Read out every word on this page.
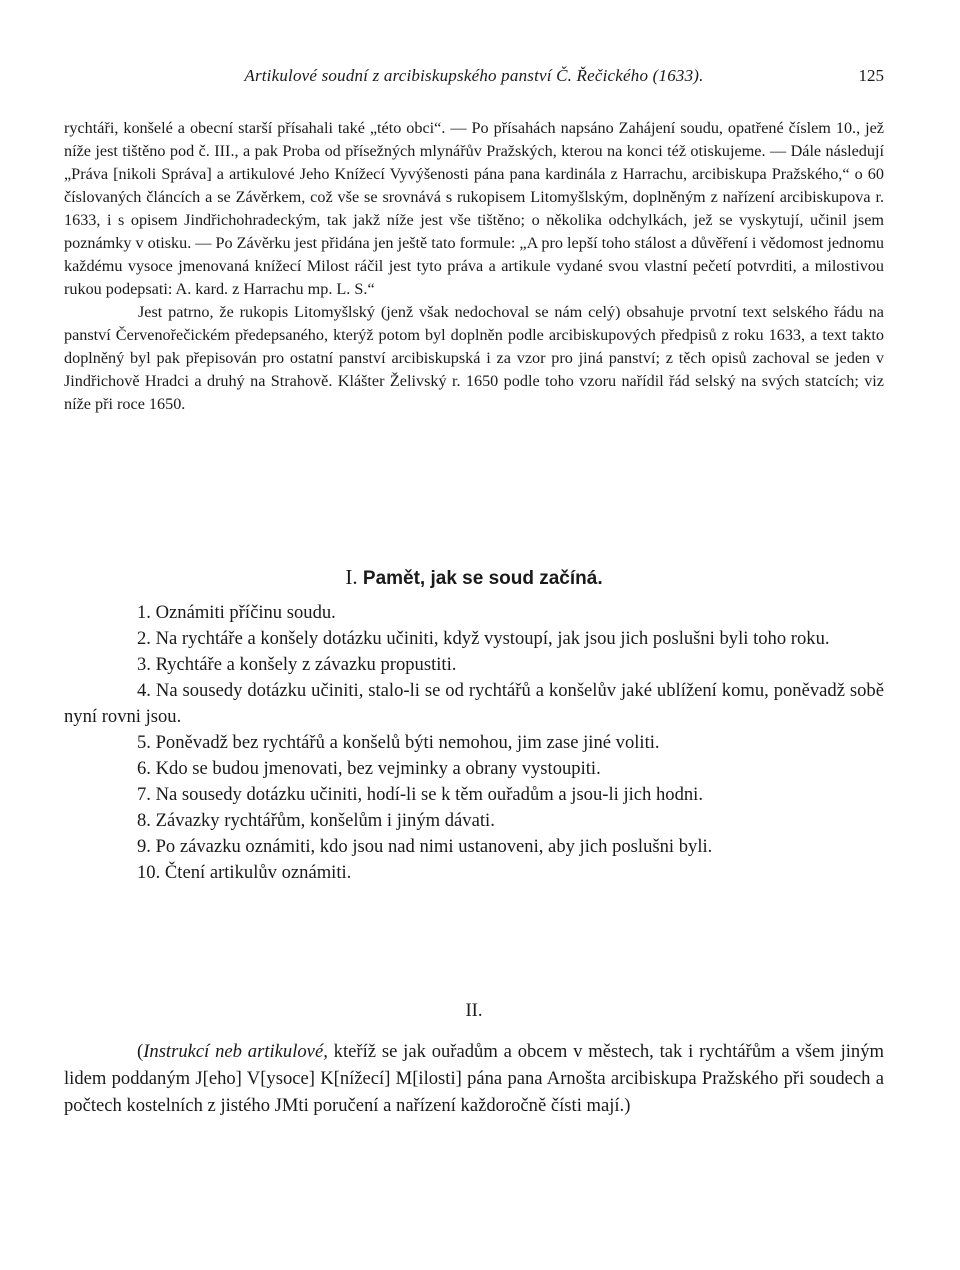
Artikulové soudní z arcibiskupského panství Č. Řečického (1633).	125

rychtáři, konšelé a obecní starší přísahali také „této obci“. — Po přísahách napsáno Zahájení soudu, opatřené číslem 10., jež níže jest tištěno pod č. III., a pak Proba od přísežných mlynářův Pražských, kterou na konci též otiskujeme. — Dále následují „Práva [nikoli Správa] a artikulové Jeho Knížecí Vyvýšenosti pána pana kardinála z Harrachu, arcibiskupa Pražského,“ o 60 číslovaných článcích a se Závěrkem, což vše se srovnává s rukopisem Litomyšlským, doplněným z nařízení arcibiskupova r. 1633, i s opisem Jindřichohradeckým, tak jakž níže jest vše tištěno; o několika odchylkách, jež se vyskytují, učinil jsem poznámky v otisku. — Po Závěrku jest přidána jen ještě tato formule: „A pro lepší toho stálost a důvěření i vědomost jednomu každému vysoce jmenovaná knížecí Milost ráčil jest tyto práva a artikule vydané svou vlastní pečetí potvrditi, a milostivou rukou podepsati: A. kard. z Harrachu mp. L. S.“

Jest patrno, že rukopis Litomyšlský (jenž však nedochoval se nám celý) obsahuje prvotní text selského řádu na panství Červenořečickém předepsaného, kterýž potom byl doplněn podle arcibiskupových předpisů z roku 1633, a text takto doplněný byl pak přepisován pro ostatní panství arcibiskupská i za vzor pro jiná panství; z těch opisů zachoval se jeden v Jindřichově Hradci a druhý na Strahově. Klášter Želivský r. 1650 podle toho vzoru nařídil řád selský na svých statcích; viz níže při roce 1650.

I. Pamět, jak se soud začíná.

1. Oznámiti příčinu soudu.

2. Na rychtáře a konšely dotázku učiniti, když vystoupí, jak jsou jich poslušni byli toho roku.

3. Rychtáře a konšely z závazku propustiti.

4. Na sousedy dotázku učiniti, stalo-li se od rychtářů a konšelův jaké ublížení komu, poněvadž sobě nyní rovni jsou.

5. Poněvadž bez rychtářů a konšelů býti nemohou, jim zase jiné voliti.

6. Kdo se budou jmenovati, bez vejminky a obrany vystoupiti.

7. Na sousedy dotázku učiniti, hodí-li se k těm ouřadům a jsou-li jich hodni.

8. Závazky rychtářům, konšelům i jiným dávati.

9. Po závazku oznámiti, kdo jsou nad nimi ustanoveni, aby jich poslušni byli.

10. Čtení artikulův oznámiti.

II.

(Instrukcí neb artikulové, kteříž se jak ouřadům a obcem v městech, tak i rychtářům a všem jiným lidem poddaným J[eho] V[ysoce] K[nížecí] M[ilosti] pána pana Arnošta arcibiskupa Pražského při soudech a počtech kostelních z jistého JMti poručení a nařízení každoročně čísti mají.)
